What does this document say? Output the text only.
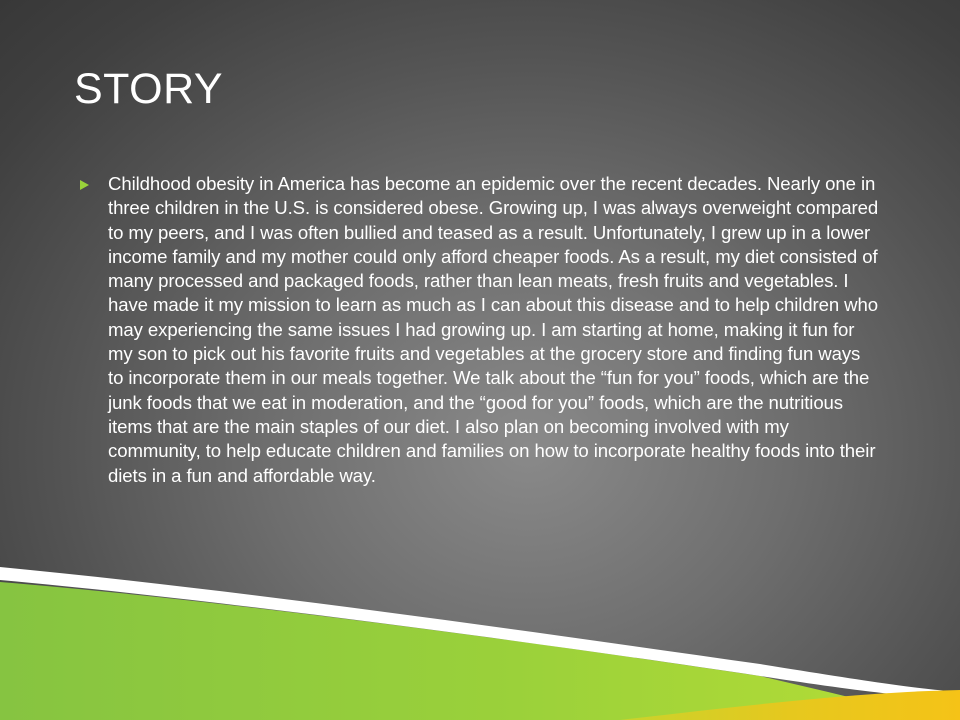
STORY
Childhood obesity in America has become an epidemic over the recent decades. Nearly one in three children in the U.S. is considered obese. Growing up, I was always overweight compared to my peers, and I was often bullied and teased as a result. Unfortunately, I grew up in a lower income family and my mother could only afford cheaper foods. As a result, my diet consisted of many processed and packaged foods, rather than lean meats, fresh fruits and vegetables. I have made it my mission to learn as much as I can about this disease and to help children who may experiencing the same issues I had growing up. I am starting at home, making it fun for my son to pick out his favorite fruits and vegetables at the grocery store and finding fun ways to incorporate them in our meals together. We talk about the “fun for you” foods, which are the junk foods that we eat in moderation, and the “good for you” foods, which are the nutritious items that are the main staples of our diet. I also plan on becoming involved with my community, to help educate children and families on how to incorporate healthy foods into their diets in a fun and affordable way.
